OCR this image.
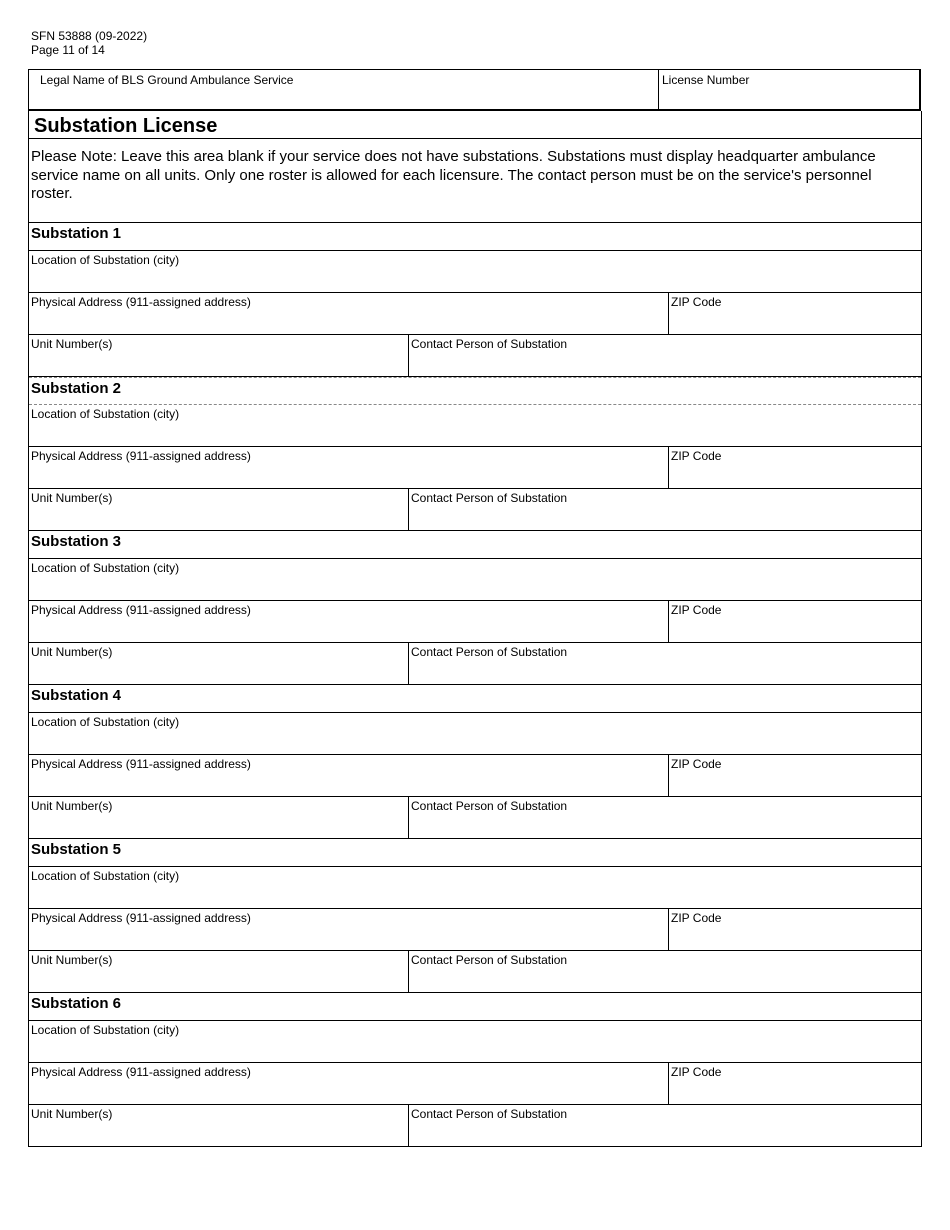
SFN 53888 (09-2022)
Page 11 of 14
Legal Name of BLS Ground Ambulance Service	License Number
Substation License
Please Note: Leave this area blank if your service does not have substations. Substations must display headquarter ambulance service name on all units. Only one roster is allowed for each licensure. The contact person must be on the service's personnel roster.
Substation 1
Location of Substation (city)
Physical Address (911-assigned address)	ZIP Code
Unit Number(s)	Contact Person of Substation
Substation 2
Location of Substation (city)
Physical Address (911-assigned address)	ZIP Code
Unit Number(s)	Contact Person of Substation
Substation 3
Location of Substation (city)
Physical Address (911-assigned address)	ZIP Code
Unit Number(s)	Contact Person of Substation
Substation 4
Location of Substation (city)
Physical Address (911-assigned address)	ZIP Code
Unit Number(s)	Contact Person of Substation
Substation 5
Location of Substation (city)
Physical Address (911-assigned address)	ZIP Code
Unit Number(s)	Contact Person of Substation
Substation 6
Location of Substation (city)
Physical Address (911-assigned address)	ZIP Code
Unit Number(s)	Contact Person of Substation
